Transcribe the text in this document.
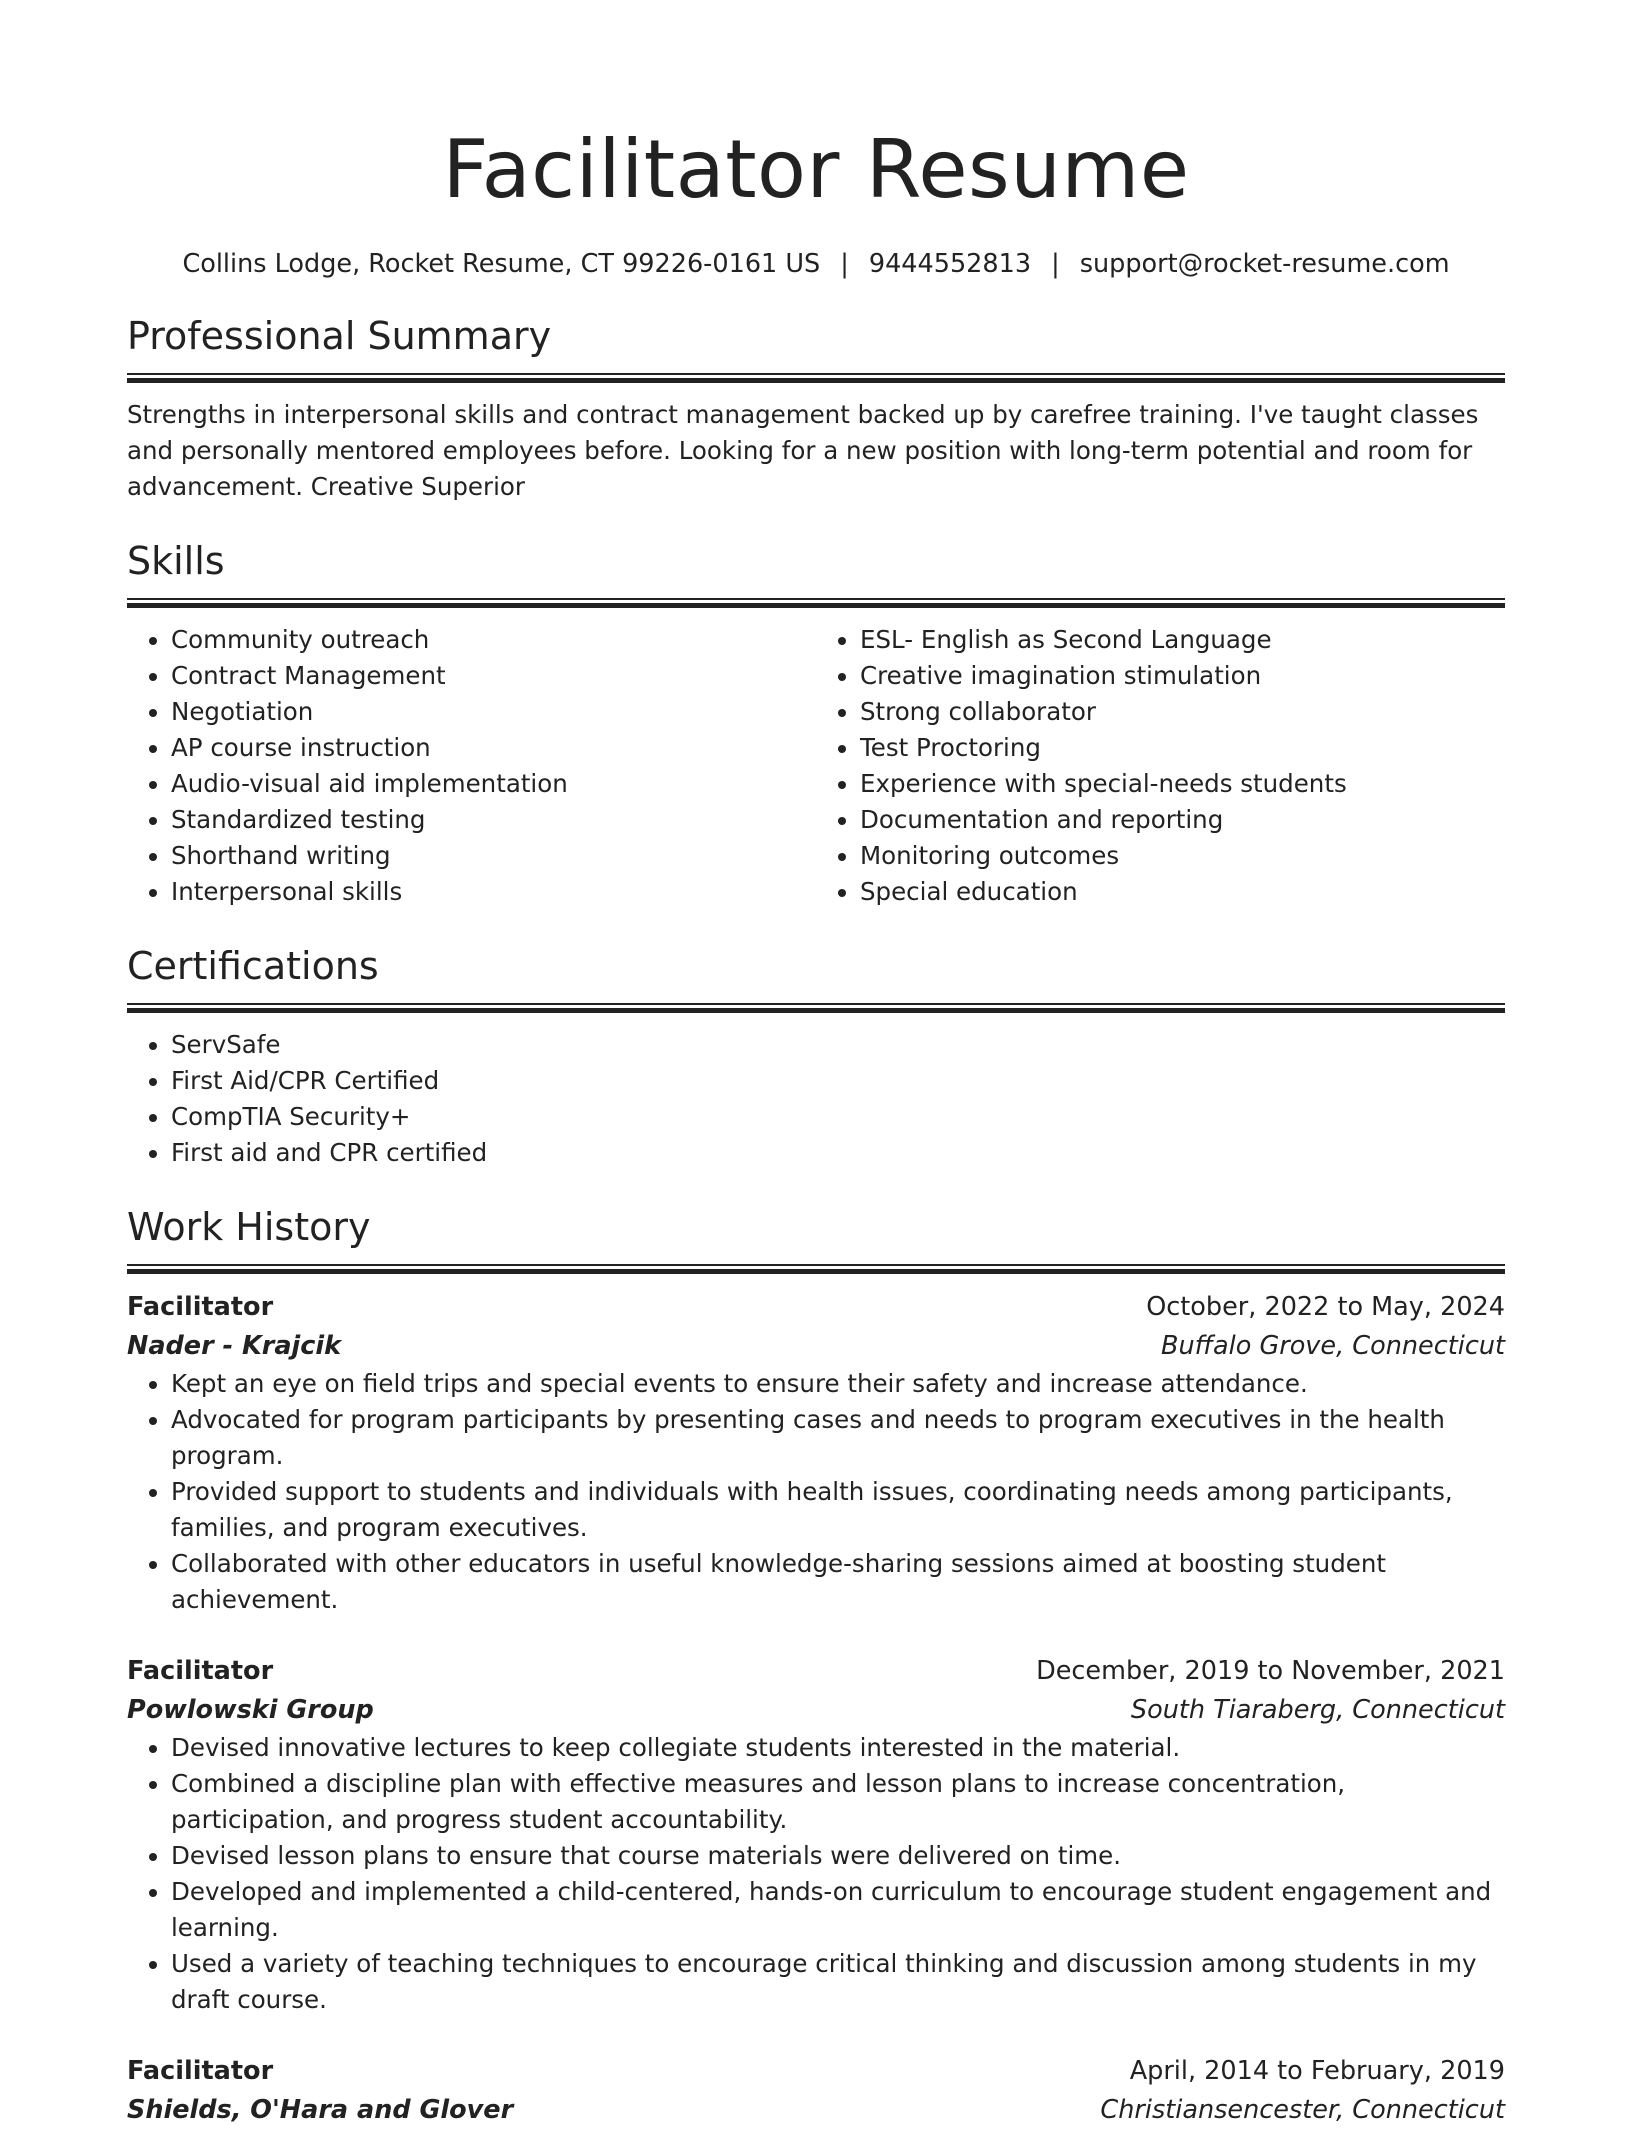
Facilitator Resume
Collins Lodge, Rocket Resume, CT 99226-0161 US | 9444552813 | support@rocket-resume.com
Professional Summary

Strengths in interpersonal skills and contract management backed up by carefree training. I've taught classes and personally mentored employees before. Looking for a new position with long-term potential and room for advancement. Creative Superior

Skills
• Community outreach
• Contract Management
• Negotiation
• AP course instruction
• Audio-visual aid implementation
• Standardized testing
• Shorthand writing
• Interpersonal skills
• ESL- English as Second Language
• Creative imagination stimulation
• Strong collaborator
• Test Proctoring
• Experience with special-needs students
• Documentation and reporting
• Monitoring outcomes
• Special education
Certifications
• ServSafe
• First Aid/CPR Certified
• CompTIA Security+
• First aid and CPR certified
Work History
Facilitator	October, 2022 to May, 2024
Nader - Krajcik	Buffalo Grove, Connecticut
• Kept an eye on field trips and special events to ensure their safety and increase attendance.
• Advocated for program participants by presenting cases and needs to program executives in the health program.
• Provided support to students and individuals with health issues, coordinating needs among participants, families, and program executives.
• Collaborated with other educators in useful knowledge-sharing sessions aimed at boosting student achievement.
Facilitator	December, 2019 to November, 2021
Powlowski Group	South Tiaraberg, Connecticut
• Devised innovative lectures to keep collegiate students interested in the material.
• Combined a discipline plan with effective measures and lesson plans to increase concentration, participation, and progress student accountability.
• Devised lesson plans to ensure that course materials were delivered on time.
• Developed and implemented a child-centered, hands-on curriculum to encourage student engagement and learning.
• Used a variety of teaching techniques to encourage critical thinking and discussion among students in my draft course.
Facilitator	April, 2014 to February, 2019
Shields, O'Hara and Glover	Christiansencester, Connecticut
